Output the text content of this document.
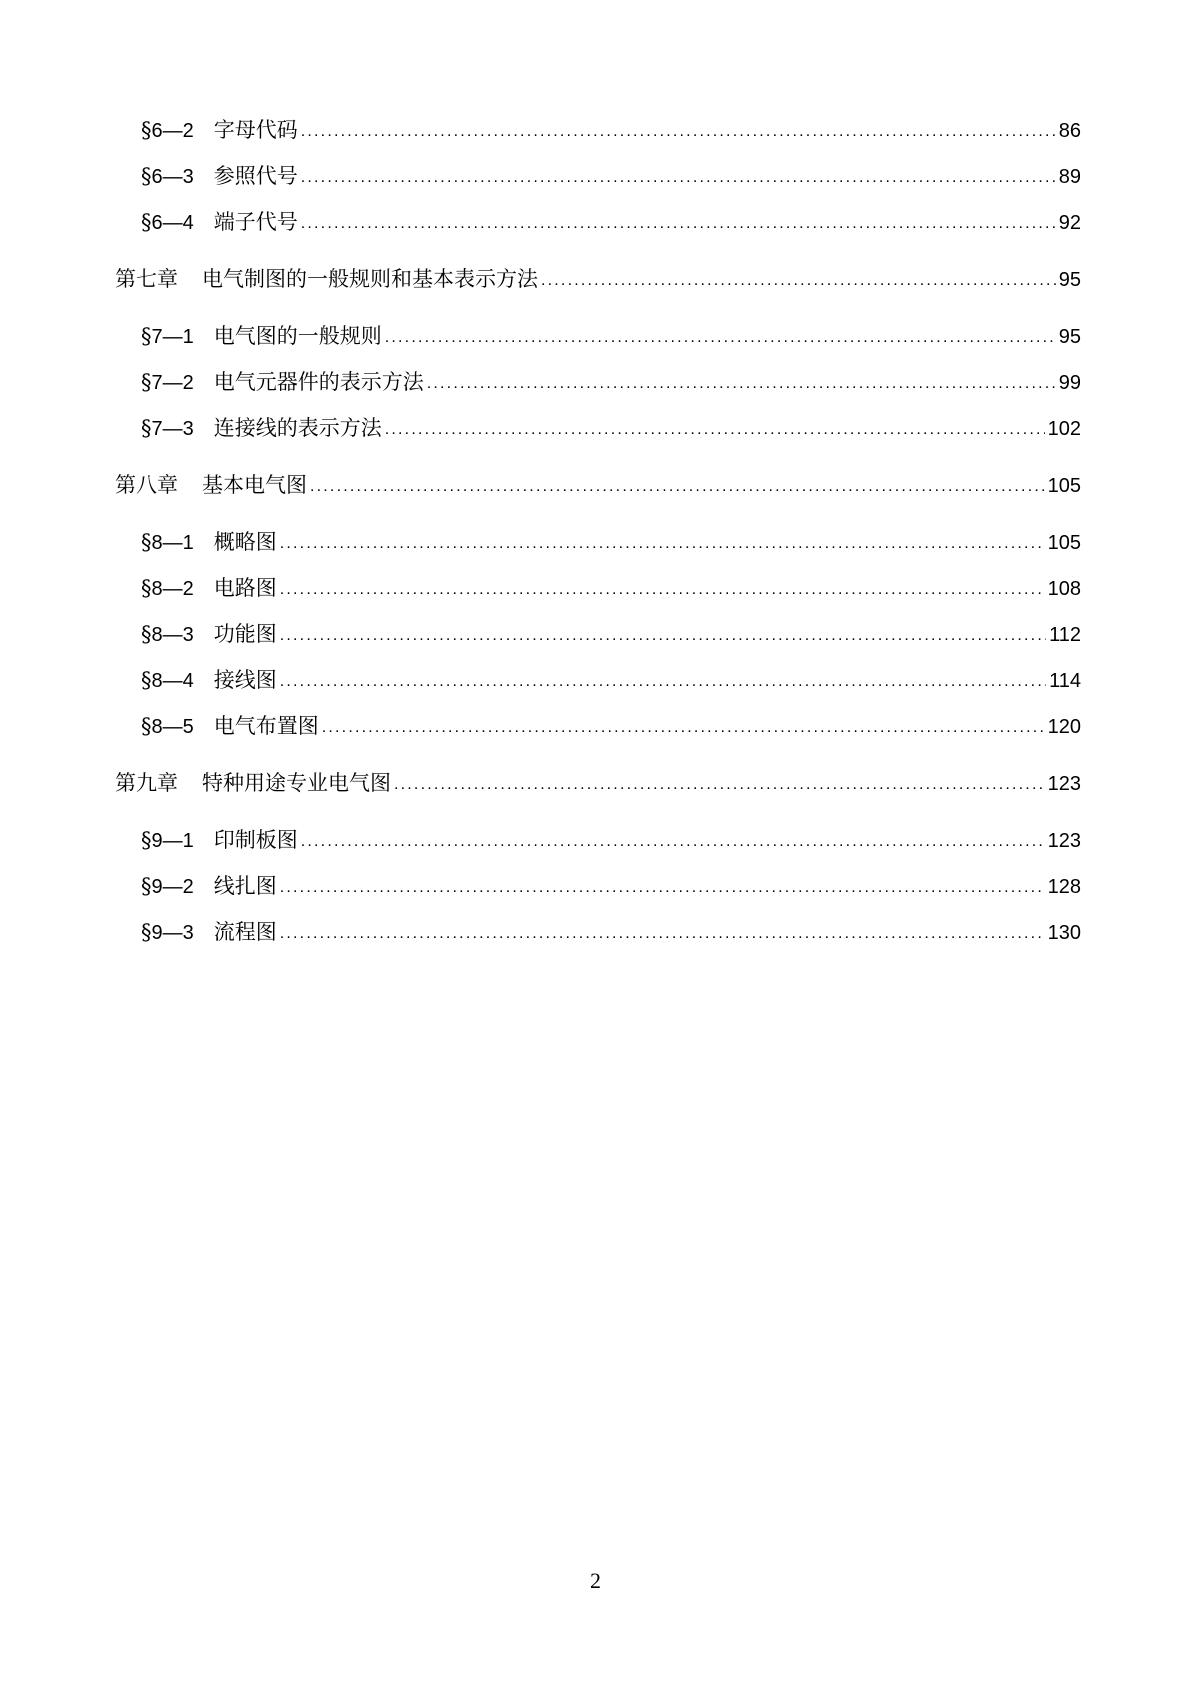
§ 6—2 字母代码 .....	86
§ 6—3 参照代号 .....	89
§ 6—4 端子代号 .....	92
第七章 电气制图的一般规则和基本表示方法 .....	95
§ 7—1 电气图的一般规则 .....	95
§ 7—2 电气元器件的表示方法 .....	99
§ 7—3 连接线的表示方法 .....	102
第八章 基本电气图 .....	105
§ 8—1 概略图 .....	105
§ 8—2 电路图 .....	108
§ 8—3 功能图 .....	112
§ 8—4 接线图 .....	114
§ 8—5 电气布置图 .....	120
第九章 特种用途专业电气图 .....	123
§ 9—1 印制板图 .....	123
§ 9—2 线扎图 .....	128
§ 9—3 流程图 .....	130
2
